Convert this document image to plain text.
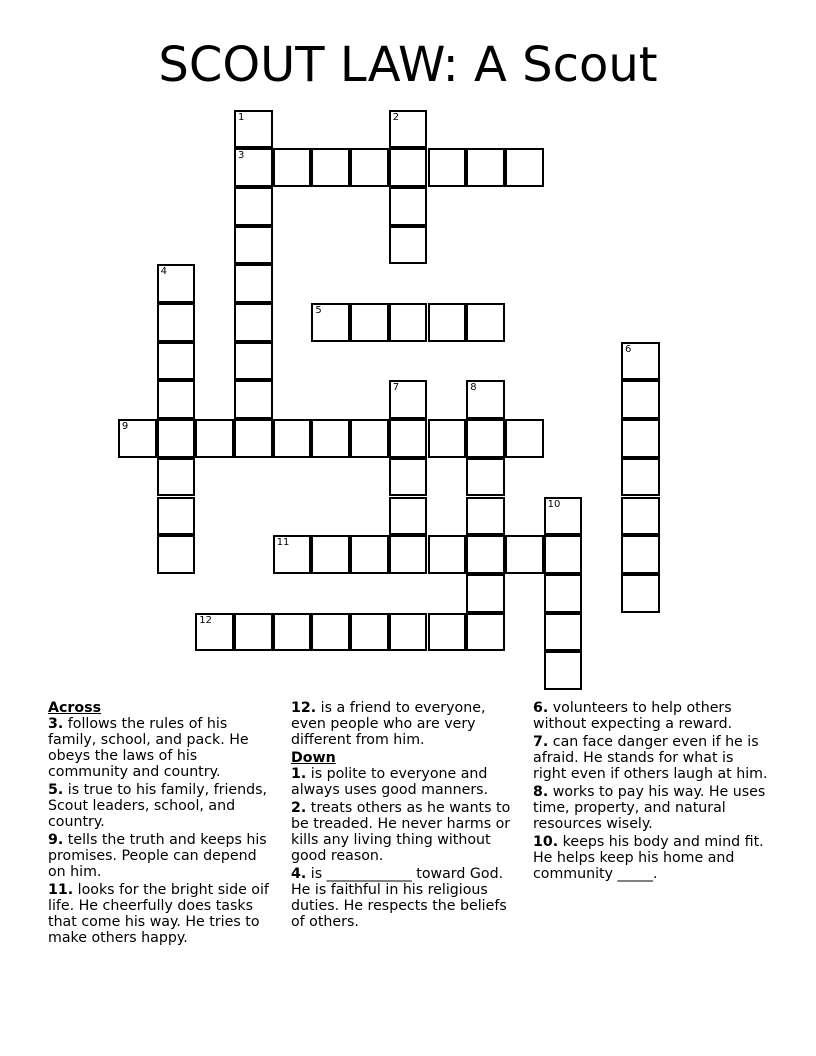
SCOUT LAW: A Scout
1	2
3
4
5
6
7	8
9
10
11
12
Across
3. follows the rules of his family, school, and pack. He obeys the laws of his community and country.
5. is true to his family, friends, Scout leaders, school, and country.
9. tells the truth and keeps his promises. People can depend on him.
11. looks for the bright side oif life. He cheerfully does tasks that come his way. He tries to make others happy.
12. is a friend to everyone, even people who are very different from him.
Down
1. is polite to everyone and always uses good manners.
2. treats others as he wants to be treaded. He never harms or kills any living thing without good reason.
4. is ____________ toward God. He is faithful in his religious duties. He respects the beliefs of others.
6. volunteers to help others without expecting a reward.
7. can face danger even if he is afraid. He stands for what is right even if others laugh at him.
8. works to pay his way. He uses time, property, and natural resources wisely.
10. keeps his body and mind fit. He helps keep his home and community _____.
